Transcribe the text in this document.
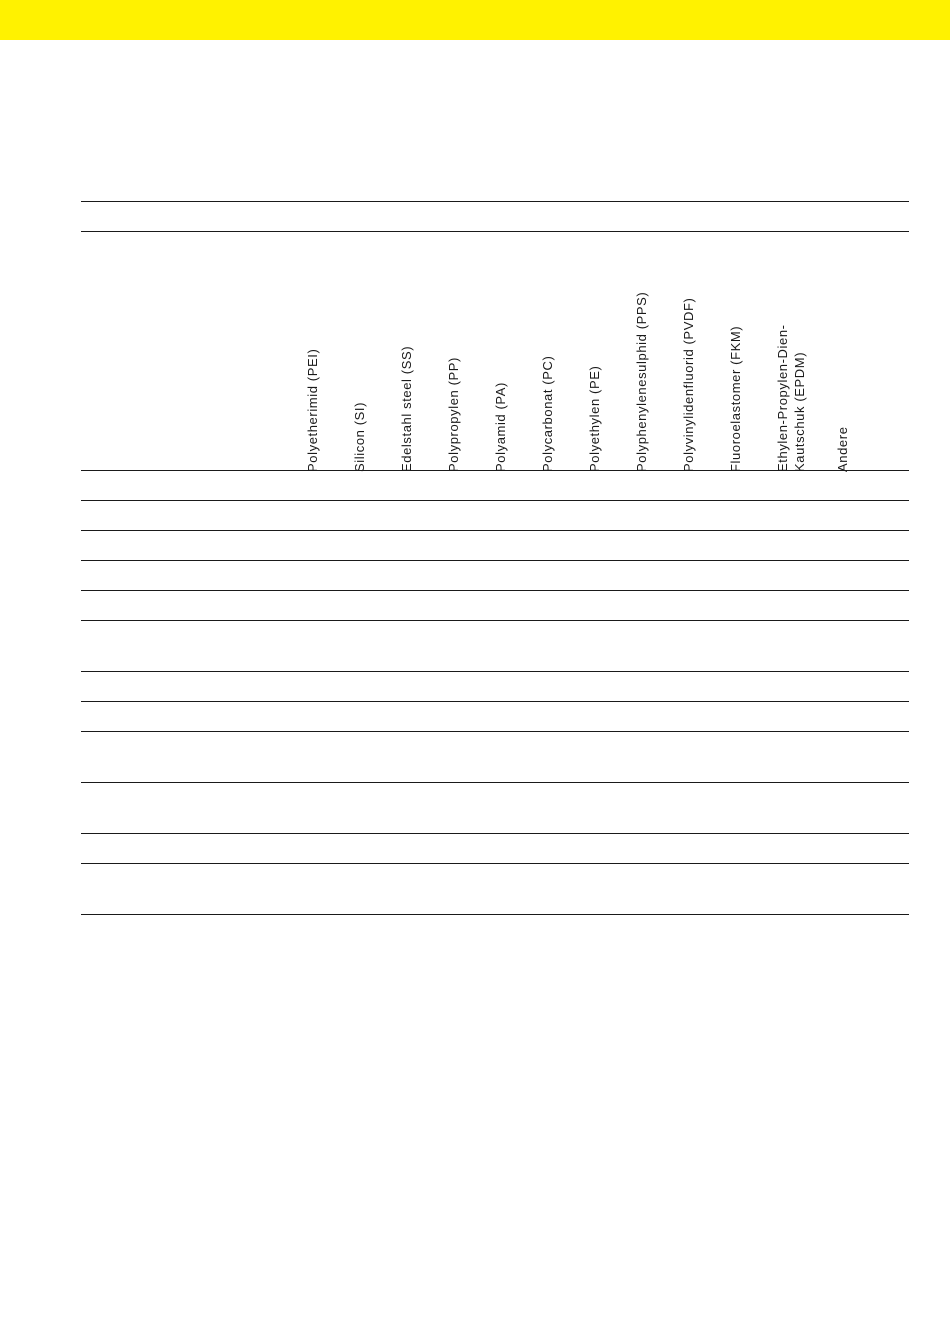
Polyetherimid (PEI) Silicon (SI) Edelstahl steel (SS) Polypropylen (PP) Polyamid (PA) Polycarbonat (PC) Polyethylen (PE) Polyphenylenesulphid (PPS) Polyvinylidenfluorid (PVDF) Fluoroelastomer (FKM) Ethylen-Propylen-Dien-
Kautschuk (EPDM)
Andere
